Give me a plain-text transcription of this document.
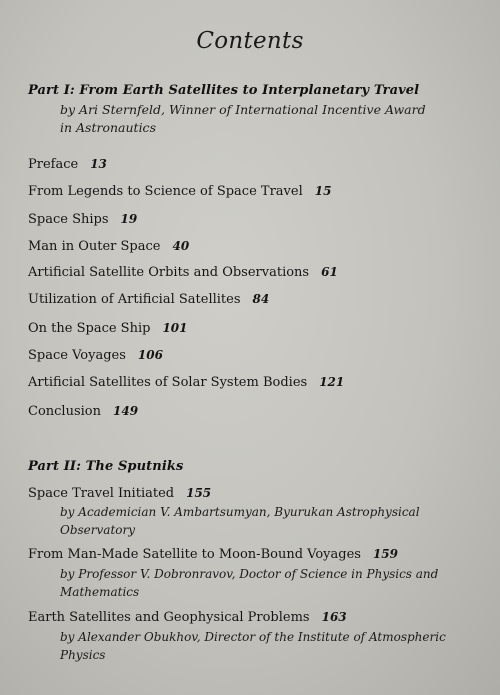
Contents
Part I: From Earth Satellites to Interplanetary Travel
by Ari Sternfeld, Winner of International Incentive Award
in Astronautics
Preface 13
From Legends to Science of Space Travel 15
Space Ships 19
Man in Outer Space 40
Artificial Satellite Orbits and Observations 61
Utilization of Artificial Satellites 84
On the Space Ship 101
Space Voyages 106
Artificial Satellites of Solar System Bodies 121
Conclusion 149
Part II: The Sputniks
Space Travel Initiated 155
by Academician V. Ambartsumyan, Byurukan Astrophysical
Observatory
From Man-Made Satellite to Moon-Bound Voyages 159
by Professor V. Dobronravov, Doctor of Science in Physics and
Mathematics
Earth Satellites and Geophysical Problems 163
by Alexander Obukhov, Director of the Institute of Atmospheric
Physics
